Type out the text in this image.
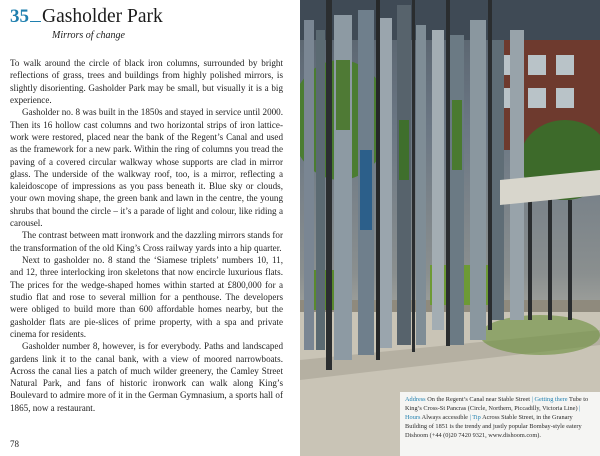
35 Gasholder Park
Mirrors of change

To walk around the circle of black iron columns, surrounded by bright reflections of grass, trees and buildings from highly polished mirrors, is slightly disorienting. Gasholder Park may be small, but visually it is a big experience.

Gasholder no. 8 was built in the 1850s and stayed in service until 2000. Then its 16 hollow cast columns and two horizontal strips of iron lattice-work were restored, placed near the bank of the Regent’s Canal and used as the framework for a new park. Within the ring of columns you tread the paving of a covered circular walkway whose supports are clad in mirror glass. The underside of the walkway roof, too, is a mirror, reflecting a kaleidoscope of impressions as you pass beneath it. Blue sky or clouds, your own moving shape, the green bank and lawn in the centre, the young shrubs that bound the circle – it’s a parade of light and colour, like riding a carousel.

The contrast between matt ironwork and the dazzling mirrors stands for the transformation of the old King’s Cross railway yards into a hip quarter.

Next to gasholder no. 8 stand the ‘Siamese triplets’ numbers 10, 11, and 12, three interlocking iron skeletons that now encircle luxurious flats. The prices for the wedge-shaped homes within started at £800,000 for a studio flat and rose to several million for a penthouse. The developers were obliged to build more than 600 affordable homes nearby, but the gasholder flats are pie-slices of prime property, with a spa and private cinema for residents.

Gasholder number 8, however, is for everybody. Paths and landscaped gardens link it to the canal bank, with a view of moored narrowboats. Across the canal lies a patch of much wilder greenery, the Camley Street Natural Park, and fans of historic ironwork can walk along King’s Boulevard to admire more of it in the German Gymnasium, a sports hall of 1865, now a restaurant.

78
Address On the Regent’s Canal near Stable Street | Getting there Tube to King’s Cross-St Pancras (Circle, Northern, Piccadilly, Victoria Line) | Hours Always accessible | Tip Across Stable Street, in the Granary Building of 1851 is the trendy and justly popular Bombay-style eatery Dishoom (+44 (0)20 7420 9321, www.dishoom.com).
